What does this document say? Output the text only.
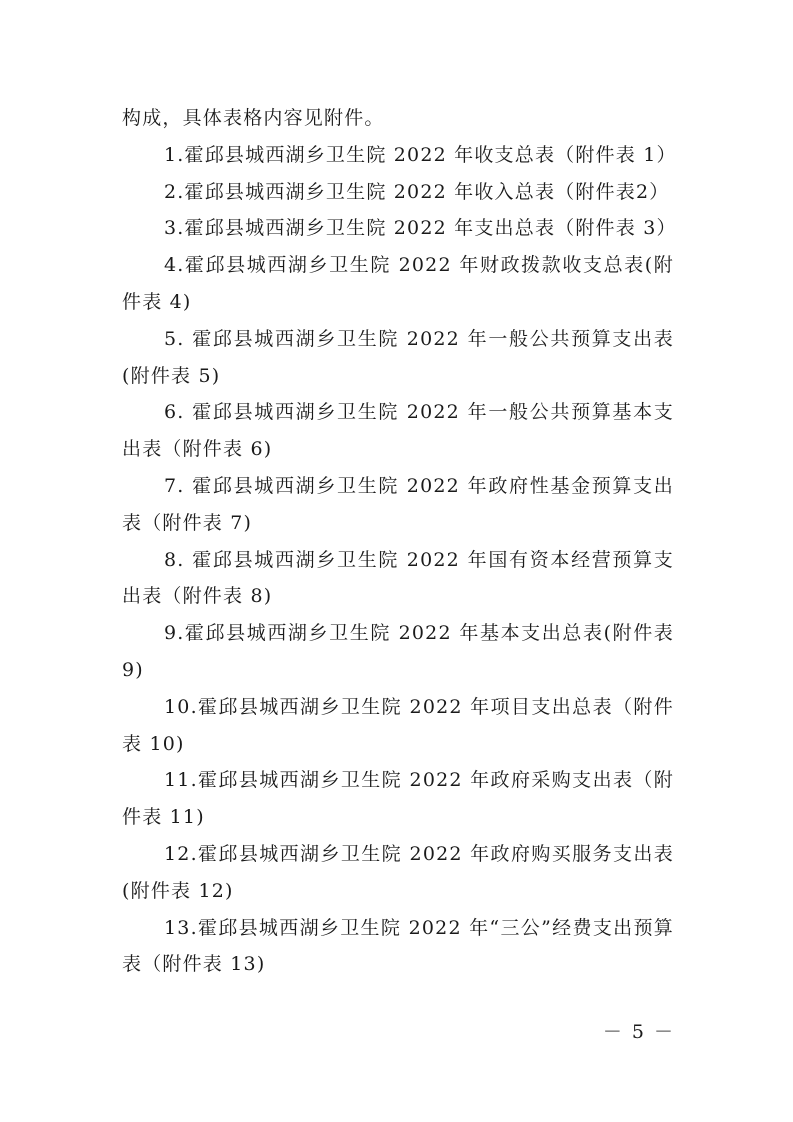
构成，具体表格内容见附件。

1.霍邱县城西湖乡卫生院 2022 年收支总表（附件表 1）

2.霍邱县城西湖乡卫生院 2022 年收入总表（附件表2）

3.霍邱县城西湖乡卫生院 2022 年支出总表（附件表 3）

4.霍邱县城西湖乡卫生院 2022 年财政拨款收支总表(附件表 4)

5. 霍邱县城西湖乡卫生院 2022 年一般公共预算支出表(附件表 5)

6. 霍邱县城西湖乡卫生院 2022 年一般公共预算基本支出表（附件表 6)

7. 霍邱县城西湖乡卫生院 2022 年政府性基金预算支出表（附件表 7)

8. 霍邱县城西湖乡卫生院 2022 年国有资本经营预算支出表（附件表 8)

9.霍邱县城西湖乡卫生院 2022 年基本支出总表(附件表9)

10.霍邱县城西湖乡卫生院 2022 年项目支出总表（附件表 10)

11.霍邱县城西湖乡卫生院 2022 年政府采购支出表（附件表 11)

12.霍邱县城西湖乡卫生院 2022 年政府购买服务支出表(附件表 12)

13.霍邱县城西湖乡卫生院 2022 年“三公”经费支出预算表（附件表 13)

－ 5 －
